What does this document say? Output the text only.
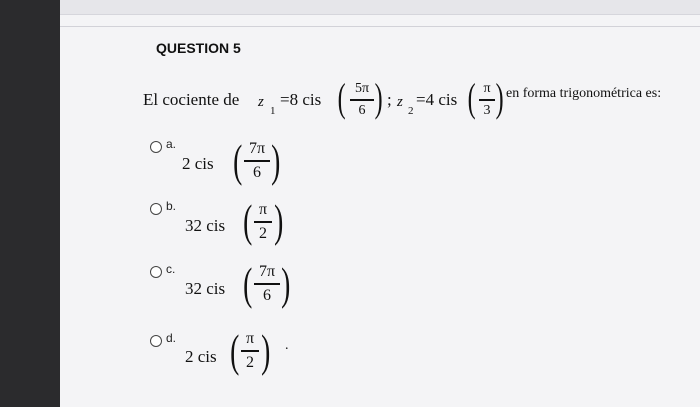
QUESTION 5
El cociente de z
1
=8 cis ( 5π
6 ) ; z
2
=4 cis ( π
3 ) en forma trigonométrica es:
a.
2 cis ( 7π
6 )
b.
32 cis ( π
2 )
c.
32 cis ( 7π
6 )
d.
2 cis ( π
2 ) .
